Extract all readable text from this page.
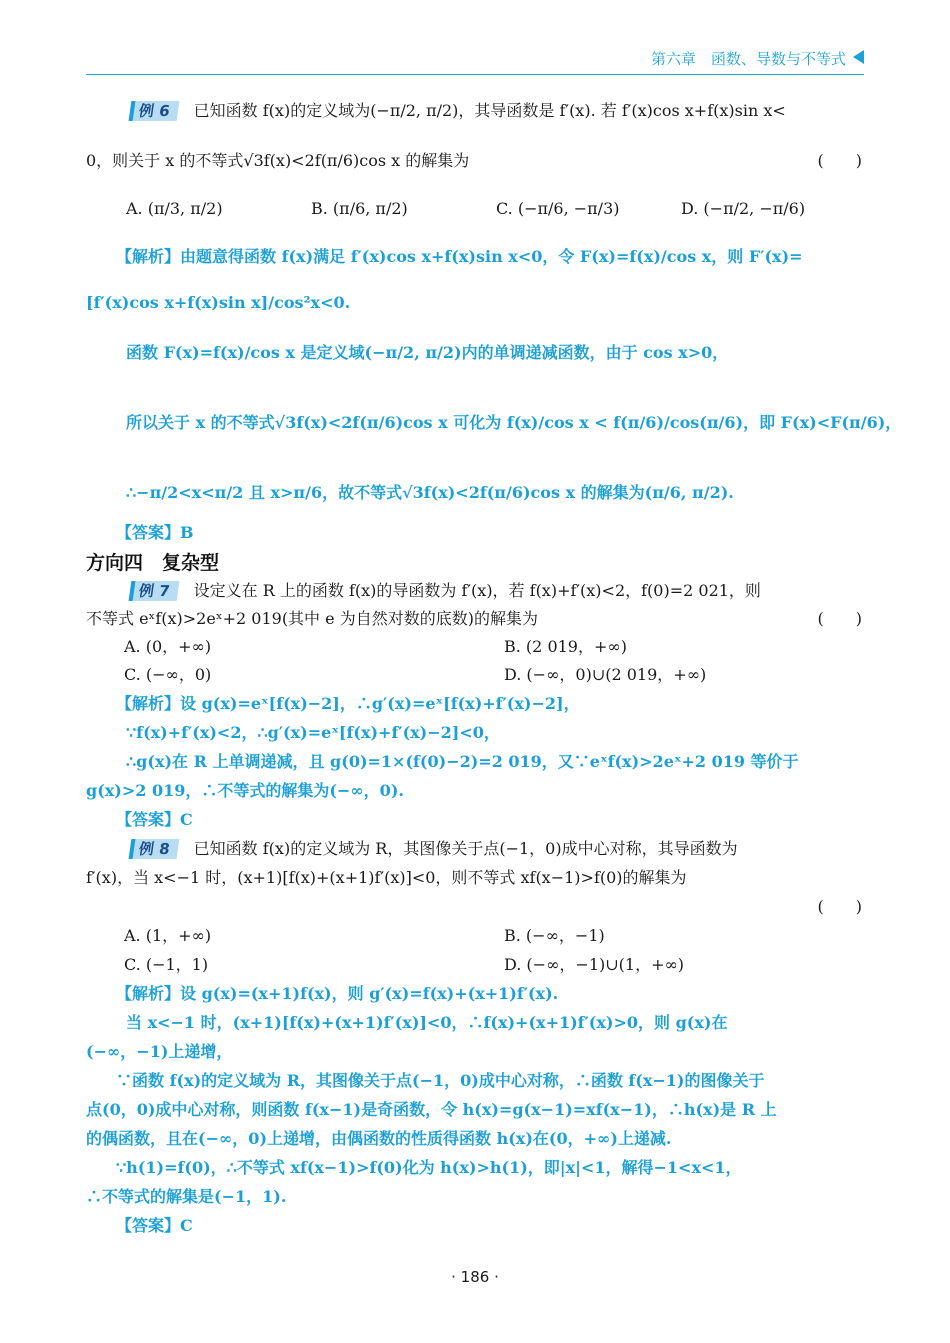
第六章　函数、导数与不等式
例 6 已知函数 f(x)的定义域为(−π/2, π/2)，其导函数是 f′(x). 若 f′(x)cos x+f(x)sin x<
0，则关于 x 的不等式√3f(x)<2f(π/6)cos x 的解集为	(　　)
A. (π/3, π/2)	B. (π/6, π/2)	C. (−π/6, −π/3)	D. (−π/2, −π/6)
【解析】由题意得函数 f(x)满足 f′(x)cos x+f(x)sin x<0，令 F(x)=f(x)/cos x，则 F′(x)=
[f′(x)cos x+f(x)sin x]/cos²x<0.
函数 F(x)=f(x)/cos x 是定义域(−π/2, π/2)内的单调递减函数，由于 cos x>0，
所以关于 x 的不等式√3f(x)<2f(π/6)cos x 可化为 f(x)/cos x < f(π/6)/cos(π/6)，即 F(x)<F(π/6)，
∴−π/2<x<π/2 且 x>π/6，故不等式√3f(x)<2f(π/6)cos x 的解集为(π/6, π/2).
【答案】B
方向四　复杂型
例 7 设定义在 R 上的函数 f(x)的导函数为 f′(x)，若 f(x)+f′(x)<2，f(0)=2 021，则
不等式 eˣf(x)>2eˣ+2 019(其中 e 为自然对数的底数)的解集为	(　　)
A. (0，+∞)	B. (2 019，+∞)
C. (−∞，0)	D. (−∞，0)∪(2 019，+∞)
【解析】设 g(x)=eˣ[f(x)−2]，∴g′(x)=eˣ[f(x)+f′(x)−2]，
∵f(x)+f′(x)<2，∴g′(x)=eˣ[f(x)+f′(x)−2]<0，
∴g(x)在 R 上单调递减，且 g(0)=1×(f(0)−2)=2 019，又∵eˣf(x)>2eˣ+2 019 等价于
g(x)>2 019，∴不等式的解集为(−∞，0).
【答案】C
例 8 已知函数 f(x)的定义域为 R，其图像关于点(−1，0)成中心对称，其导函数为
f′(x)，当 x<−1 时，(x+1)[f(x)+(x+1)f′(x)]<0，则不等式 xf(x−1)>f(0)的解集为
(　　)

A. (1，+∞)	B. (−∞，−1)
C. (−1，1)	D. (−∞，−1)∪(1，+∞)
【解析】设 g(x)=(x+1)f(x)，则 g′(x)=f(x)+(x+1)f′(x).
当 x<−1 时，(x+1)[f(x)+(x+1)f′(x)]<0，∴f(x)+(x+1)f′(x)>0，则 g(x)在
(−∞，−1)上递增，
∵函数 f(x)的定义域为 R，其图像关于点(−1，0)成中心对称，∴函数 f(x−1)的图像关于
点(0，0)成中心对称，则函数 f(x−1)是奇函数，令 h(x)=g(x−1)=xf(x−1)，∴h(x)是 R 上
的偶函数，且在(−∞，0)上递增，由偶函数的性质得函数 h(x)在(0，+∞)上递减.
∵h(1)=f(0)，∴不等式 xf(x−1)>f(0)化为 h(x)>h(1)，即|x|<1，解得−1<x<1，
∴不等式的解集是(−1，1).
【答案】C
· 186 ·
